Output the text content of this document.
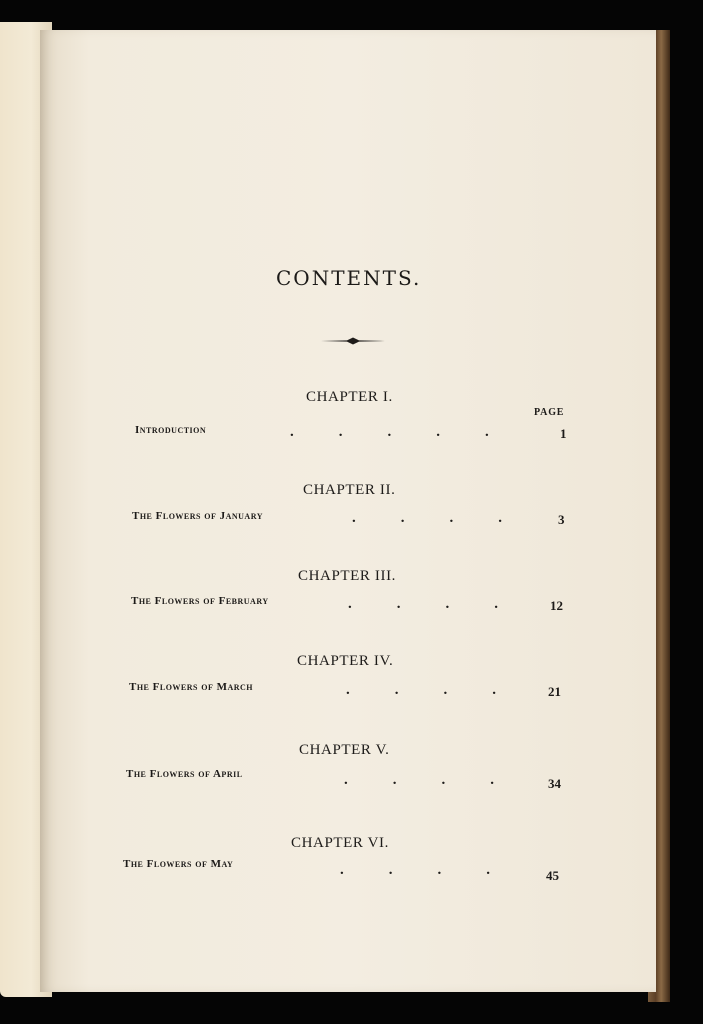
CONTENTS.
PAGE
CHAPTER I.
Introduction	.   .   .   .   .	1
CHAPTER II.
The Flowers of January	.   .   .   .	3
CHAPTER III.
The Flowers of February	.   .   .   .	12
CHAPTER IV.
The Flowers of March	.   .   .   .	21
CHAPTER V.
The Flowers of April	.   .   .   .	34
CHAPTER VI.
The Flowers of May	.   .   .   .	45
